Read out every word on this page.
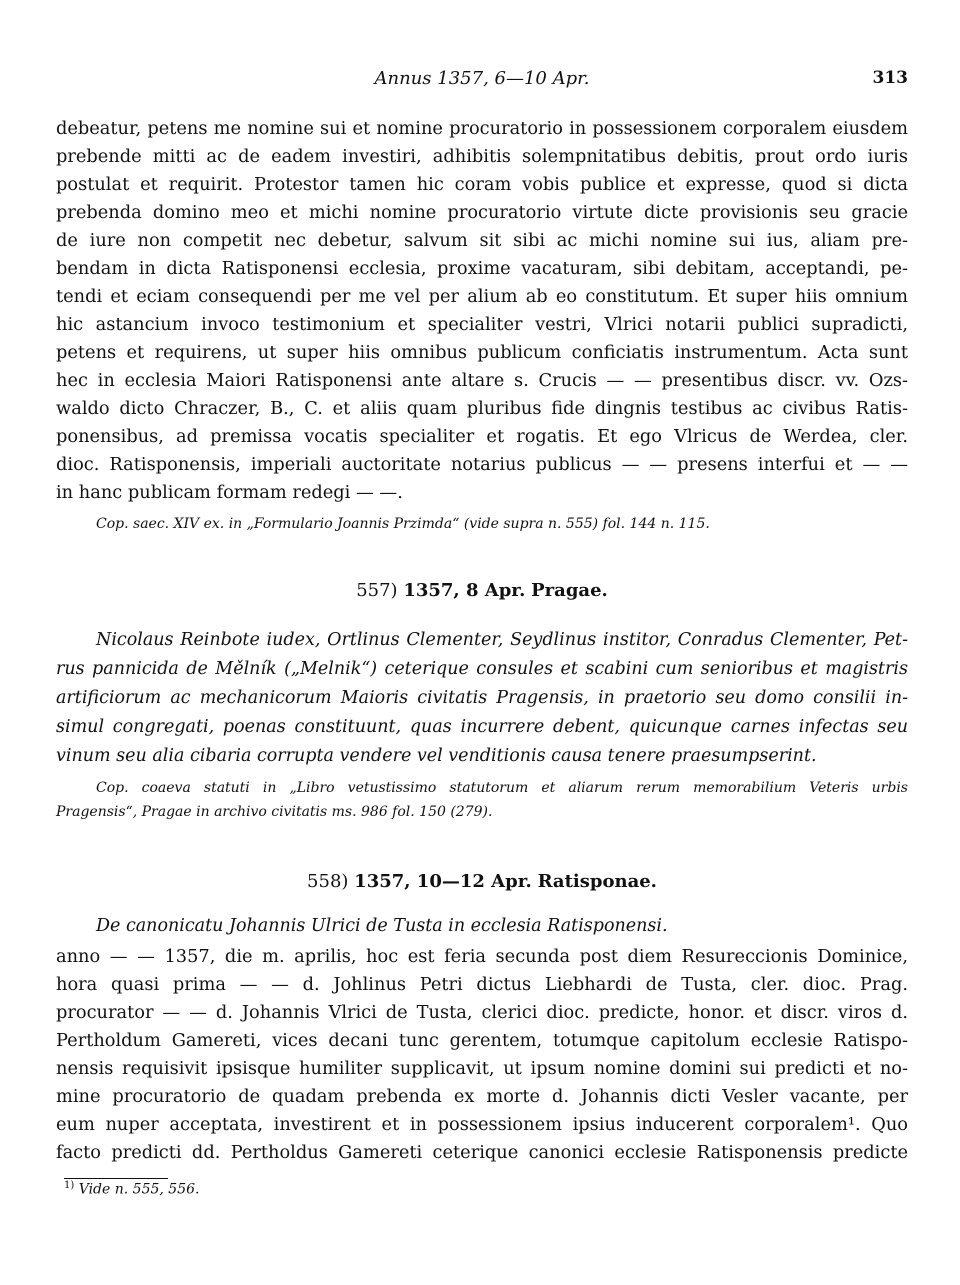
Annus 1357, 6—10 Apr.	313
debeatur, petens me nomine sui et nomine procuratorio in possessionem corporalem eiusdem
prebende mitti ac de eadem investiri, adhibitis solempnitatibus debitis, prout ordo iuris
postulat et requirit. Protestor tamen hic coram vobis publice et expresse, quod si dicta
prebenda domino meo et michi nomine procuratorio virtute dicte provisionis seu gracie
de iure non competit nec debetur, salvum sit sibi ac michi nomine sui ius, aliam pre-
bendam in dicta Ratisponensi ecclesia, proxime vacaturam, sibi debitam, acceptandi, pe-
tendi et eciam consequendi per me vel per alium ab eo constitutum. Et super hiis omnium
hic astancium invoco testimonium et specialiter vestri, Vlrici notarii publici supradicti,
petens et requirens, ut super hiis omnibus publicum conficiatis instrumentum. Acta sunt
hec in ecclesia Maiori Ratisponensi ante altare s. Crucis — — presentibus discr. vv. Ozs-
waldo dicto Chraczer, B., C. et aliis quam pluribus fide dingnis testibus ac civibus Ratis-
ponensibus, ad premissa vocatis specialiter et rogatis. Et ego Vlricus de Werdea, cler.
dioc. Ratisponensis, imperiali auctoritate notarius publicus — — presens interfui et — —
in hanc publicam formam redegi — —.
Cop. saec. XIV ex. in „Formulario Joannis Przimda“ (vide supra n. 555) fol. 144 n. 115.
557) 1357, 8 Apr. Pragae.
Nicolaus Reinbote iudex, Ortlinus Clementer, Seydlinus institor, Conradus Clementer, Pet-
rus pannicida de Mělník („Melnik“) ceterique consules et scabini cum senioribus et magistris
artificiorum ac mechanicorum Maioris civitatis Pragensis, in praetorio seu domo consilii in-
simul congregati, poenas constituunt, quas incurrere debent, quicunque carnes infectas seu
vinum seu alia cibaria corrupta vendere vel venditionis causa tenere praesumpserint.
Cop. coaeva statuti in „Libro vetustissimo statutorum et aliarum rerum memorabilium Veteris urbis
Pragensis“, Pragae in archivo civitatis ms. 986 fol. 150 (279).
558) 1357, 10—12 Apr. Ratisponae.
De canonicatu Johannis Ulrici de Tusta in ecclesia Ratisponensi.
anno — — 1357, die m. aprilis, hoc est feria secunda post diem Resureccionis Dominice,
hora quasi prima — — d. Johlinus Petri dictus Liebhardi de Tusta, cler. dioc. Prag.
procurator — — d. Johannis Vlrici de Tusta, clerici dioc. predicte, honor. et discr. viros d.
Pertholdum Gamereti, vices decani tunc gerentem, totumque capitolum ecclesie Ratispo-
nensis requisivit ipsisque humiliter supplicavit, ut ipsum nomine domini sui predicti et no-
mine procuratorio de quadam prebenda ex morte d. Johannis dicti Vesler vacante, per
eum nuper acceptata, investirent et in possessionem ipsius inducerent corporalem¹. Quo
facto predicti dd. Pertholdus Gamereti ceterique canonici ecclesie Ratisponensis predicte
$^{1)}$ Vide n. 555, 556.
